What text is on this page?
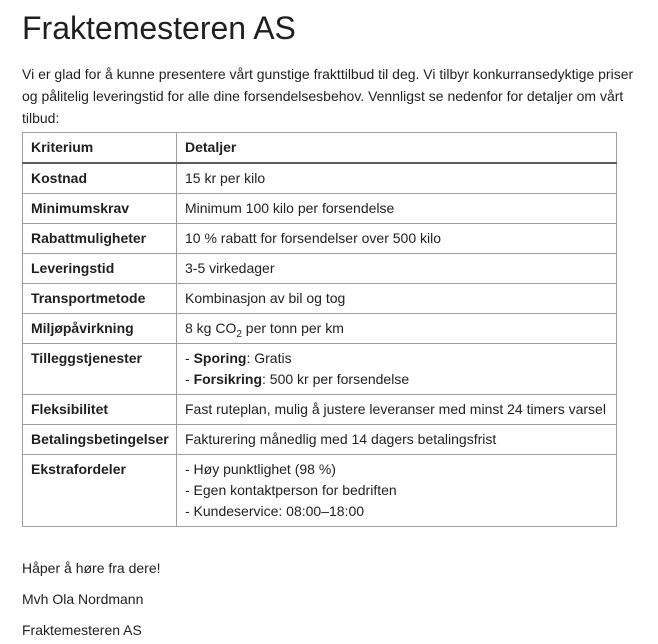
Fraktemesteren AS

Vi er glad for å kunne presentere vårt gunstige frakttilbud til deg. Vi tilbyr konkurransedyktige priser og pålitelig leveringstid for alle dine forsendelsesbehov. Vennligst se nedenfor for detaljer om vårt tilbud:

Kriterium	Detaljer
Kostnad	15 kr per kilo

Minimumskrav	Minimum 100 kilo per forsendelse

Rabattmuligheter	10 % rabatt for forsendelser over 500 kilo

Leveringstid	3-5 virkedager

Transportmetode	Kombinasjon av bil og tog

Miljøpåvirkning	8 kg $CO_2$ per tonn per km

Tilleggstjenester	- Sporing: Gratis
- Forsikring: 500 kr per forsendelse

Fleksibilitet	Fast ruteplan, mulig å justere leveranser med minst 24 timers varsel

Betalingsbetingelser	Fakturering månedlig med 14 dagers betalingsfrist

Ekstrafordeler	- Høy punktlighet (98 %)
- Egen kontaktperson for bedriften
- Kundeservice: 08:00–18:00

Håper å høre fra dere!

Mvh Ola Nordmann

Fraktemesteren AS
